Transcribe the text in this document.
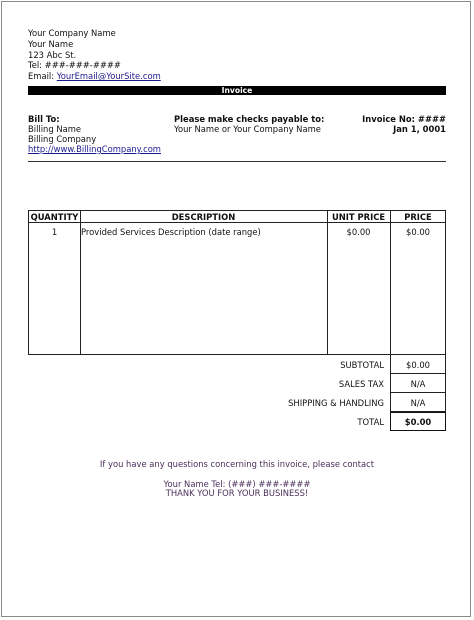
Your Company Name
Your Name
123 Abc St.
Tel: ###-###-####
Email: YourEmail@YourSite.com
Invoice
Bill To:
Billing Name
Billing Company
http://www.BillingCompany.com
Please make checks payable to:
Your Name or Your Company Name
Invoice No: ####
Jan 1, 0001
QUANTITY	DESCRIPTION	UNIT PRICE	PRICE
1	Provided Services Description (date range)	$0.00	$0.00
SUBTOTAL	$0.00
SALES TAX	N/A
SHIPPING & HANDLING	N/A
TOTAL	$0.00
If you have any questions concerning this invoice, please contact
Your Name Tel: (###) ###-####
THANK YOU FOR YOUR BUSINESS!
